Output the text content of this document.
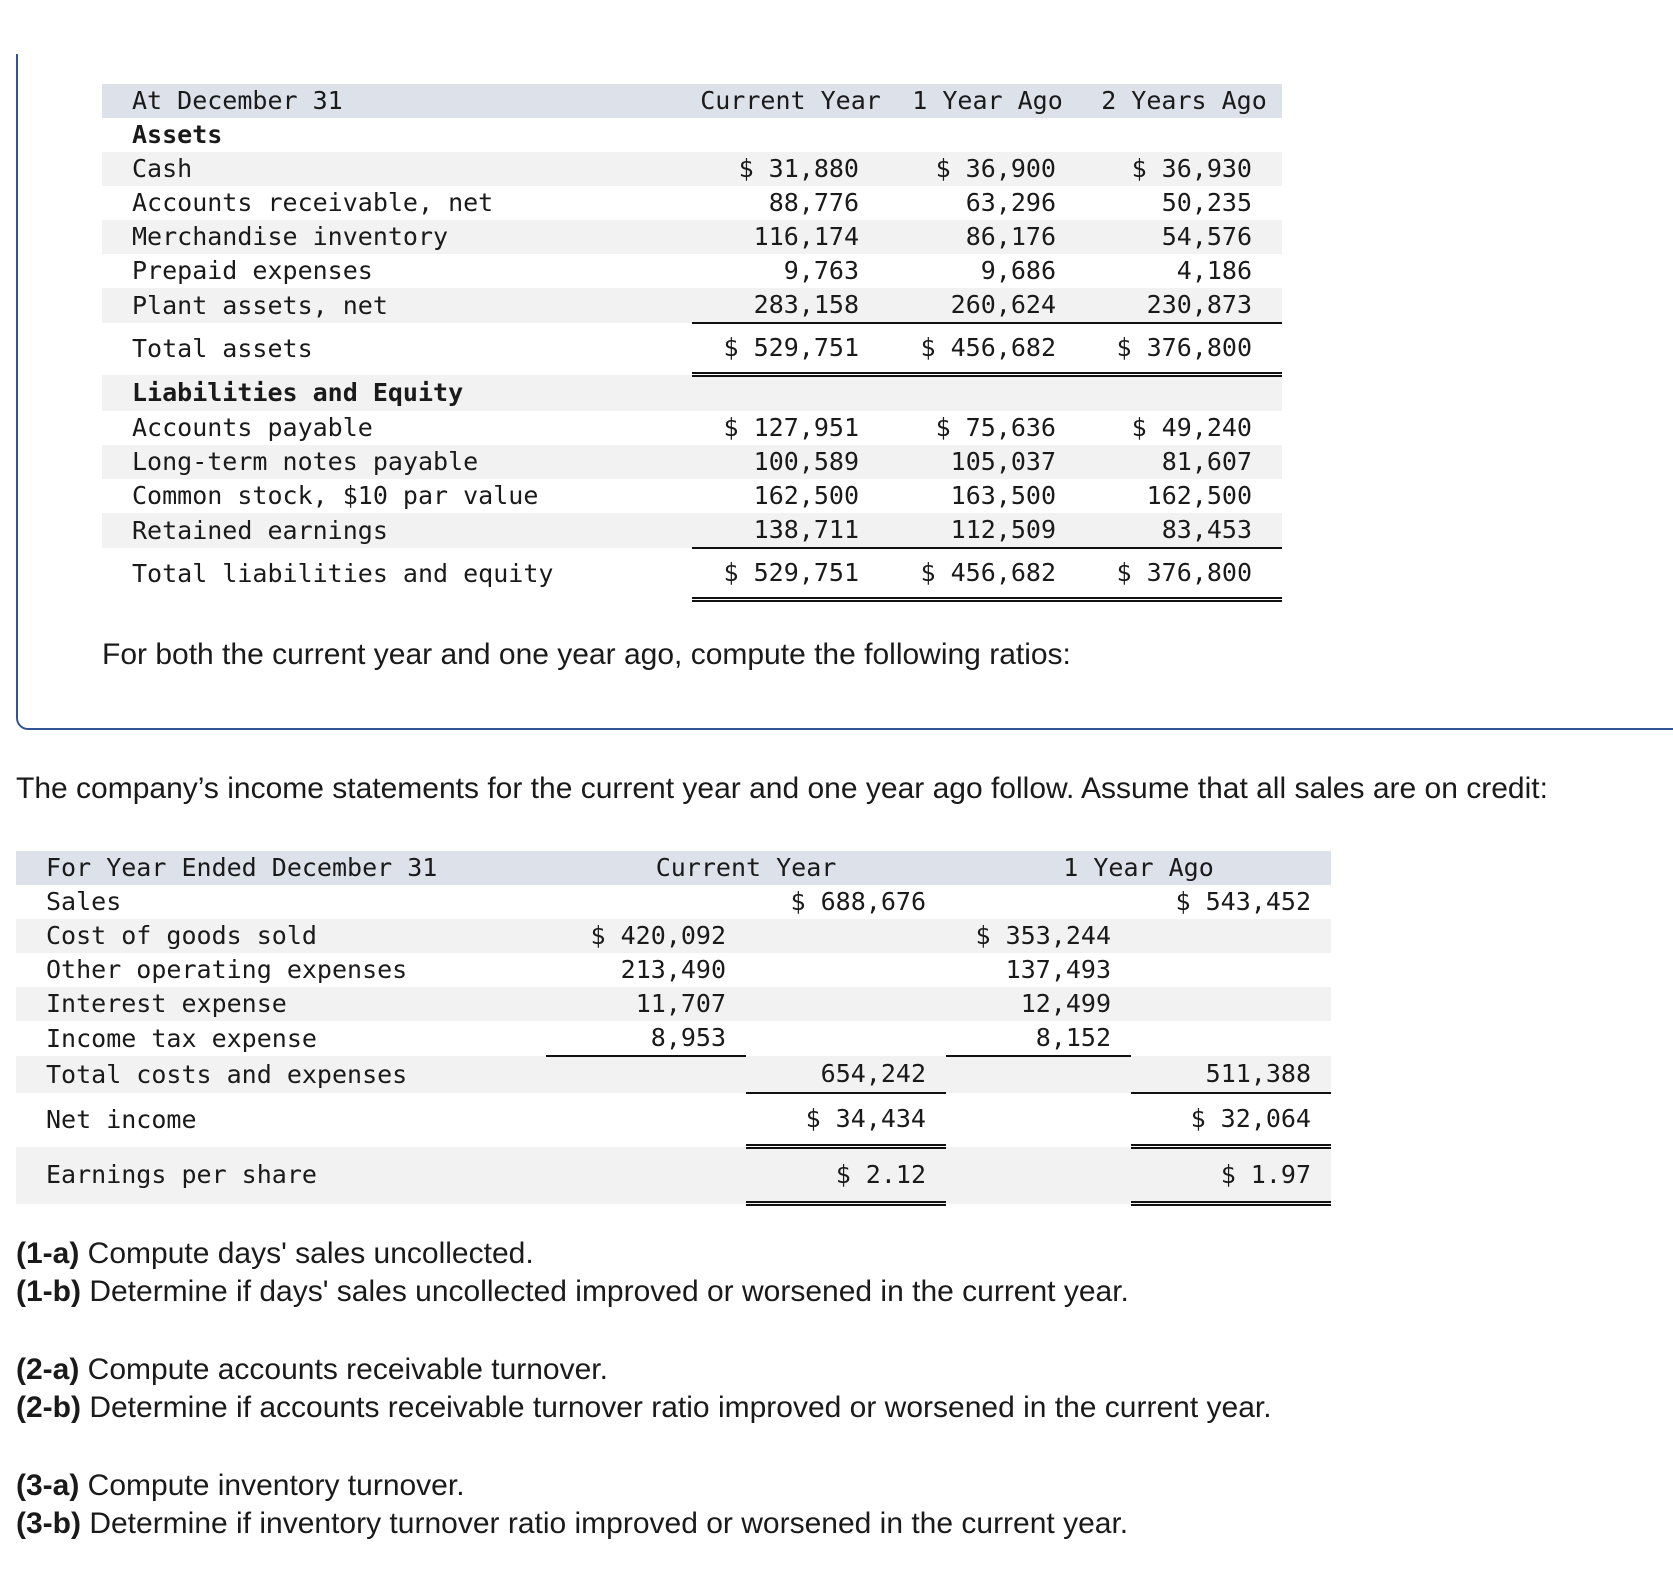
At December 31	Current Year	1 Year Ago	2 Years Ago
Assets			
Cash	$ 31,880	$ 36,900	$ 36,930
Accounts receivable, net	88,776	63,296	50,235
Merchandise inventory	116,174	86,176	54,576
Prepaid expenses	9,763	9,686	4,186
Plant assets, net	283,158	260,624	230,873
Total assets	$ 529,751	$ 456,682	$ 376,800
Liabilities and Equity			
Accounts payable	$ 127,951	$ 75,636	$ 49,240
Long-term notes payable	100,589	105,037	81,607
Common stock, $10 par value	162,500	163,500	162,500
Retained earnings	138,711	112,509	83,453
Total liabilities and equity	$ 529,751	$ 456,682	$ 376,800
For both the current year and one year ago, compute the following ratios:
The company’s income statements for the current year and one year ago follow. Assume that all sales are on credit:
For Year Ended December 31	Current Year		1 Year Ago	
Sales		$ 688,676		$ 543,452
Cost of goods sold	$ 420,092		$ 353,244	
Other operating expenses	213,490		137,493	
Interest expense	11,707		12,499	
Income tax expense	8,953		8,152	
Total costs and expenses		654,242		511,388
Net income		$ 34,434		$ 32,064
Earnings per share		$ 2.12		$ 1.97
(1-a) Compute days' sales uncollected.
(1-b) Determine if days' sales uncollected improved or worsened in the current year.
(2-a) Compute accounts receivable turnover.
(2-b) Determine if accounts receivable turnover ratio improved or worsened in the current year.
(3-a) Compute inventory turnover.
(3-b) Determine if inventory turnover ratio improved or worsened in the current year.
